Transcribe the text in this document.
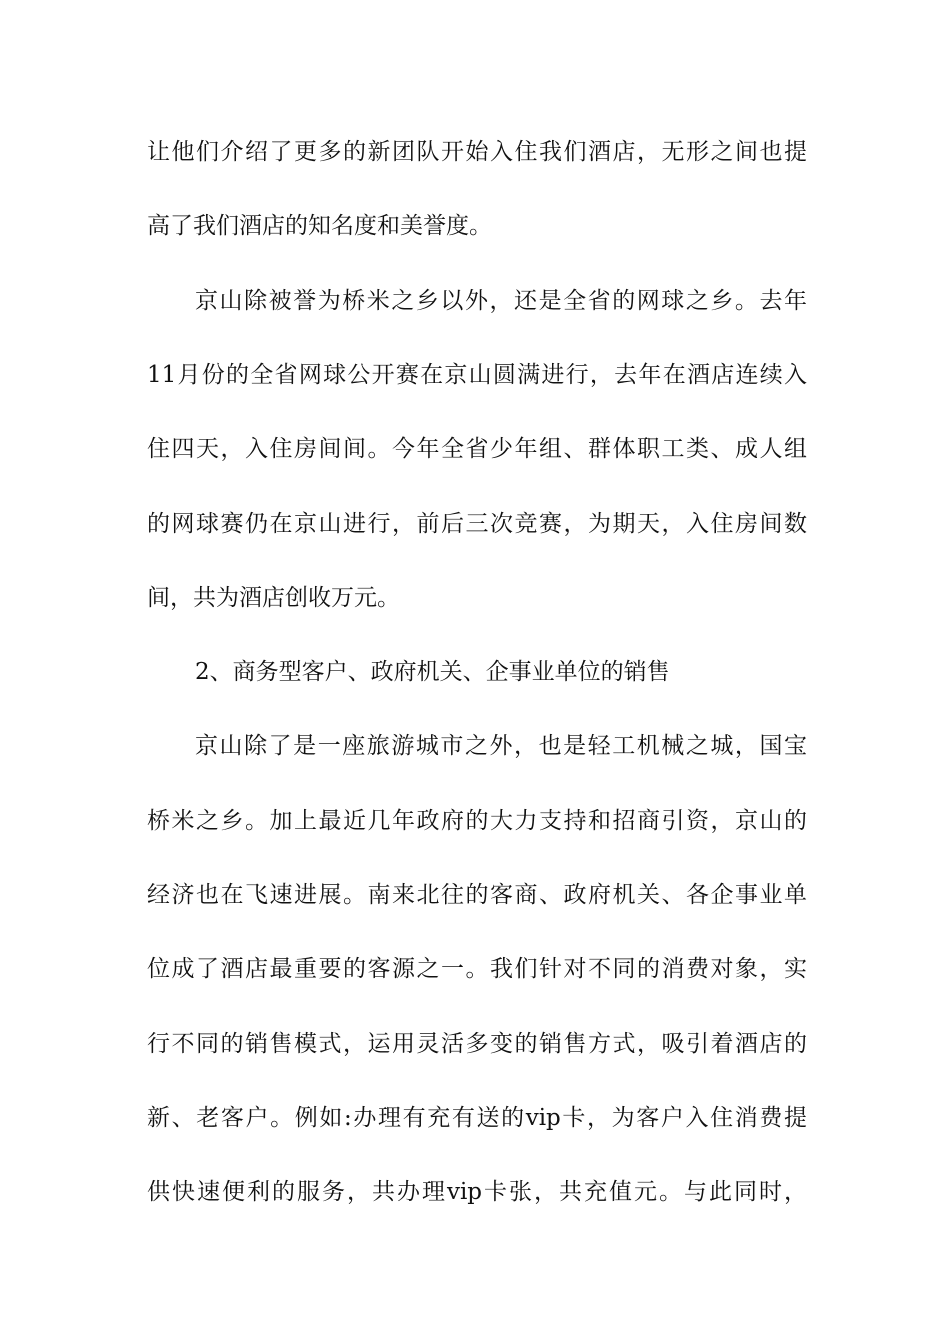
让他们介绍了更多的新团队开始入住我们酒店，无形之间也提

高了我们酒店的知名度和美誉度。

京山除被誉为桥米之乡以外，还是全省的网球之乡。去年

11月份的全省网球公开赛在京山圆满进行，去年在酒店连续入

住四天，入住房间间。今年全省少年组、群体职工类、成人组

的网球赛仍在京山进行，前后三次竞赛，为期天，入住房间数

间，共为酒店创收万元。

2、商务型客户、政府机关、企事业单位的销售

京山除了是一座旅游城市之外，也是轻工机械之城，国宝

桥米之乡。加上最近几年政府的大力支持和招商引资，京山的

经济也在飞速进展。南来北往的客商、政府机关、各企事业单

位成了酒店最重要的客源之一。我们针对不同的消费对象，实

行不同的销售模式，运用灵活多变的销售方式，吸引着酒店的

新、老客户。例如:办理有充有送的vip卡，为客户入住消费提

供快速便利的服务，共办理vip卡张，共充值元。与此同时，
